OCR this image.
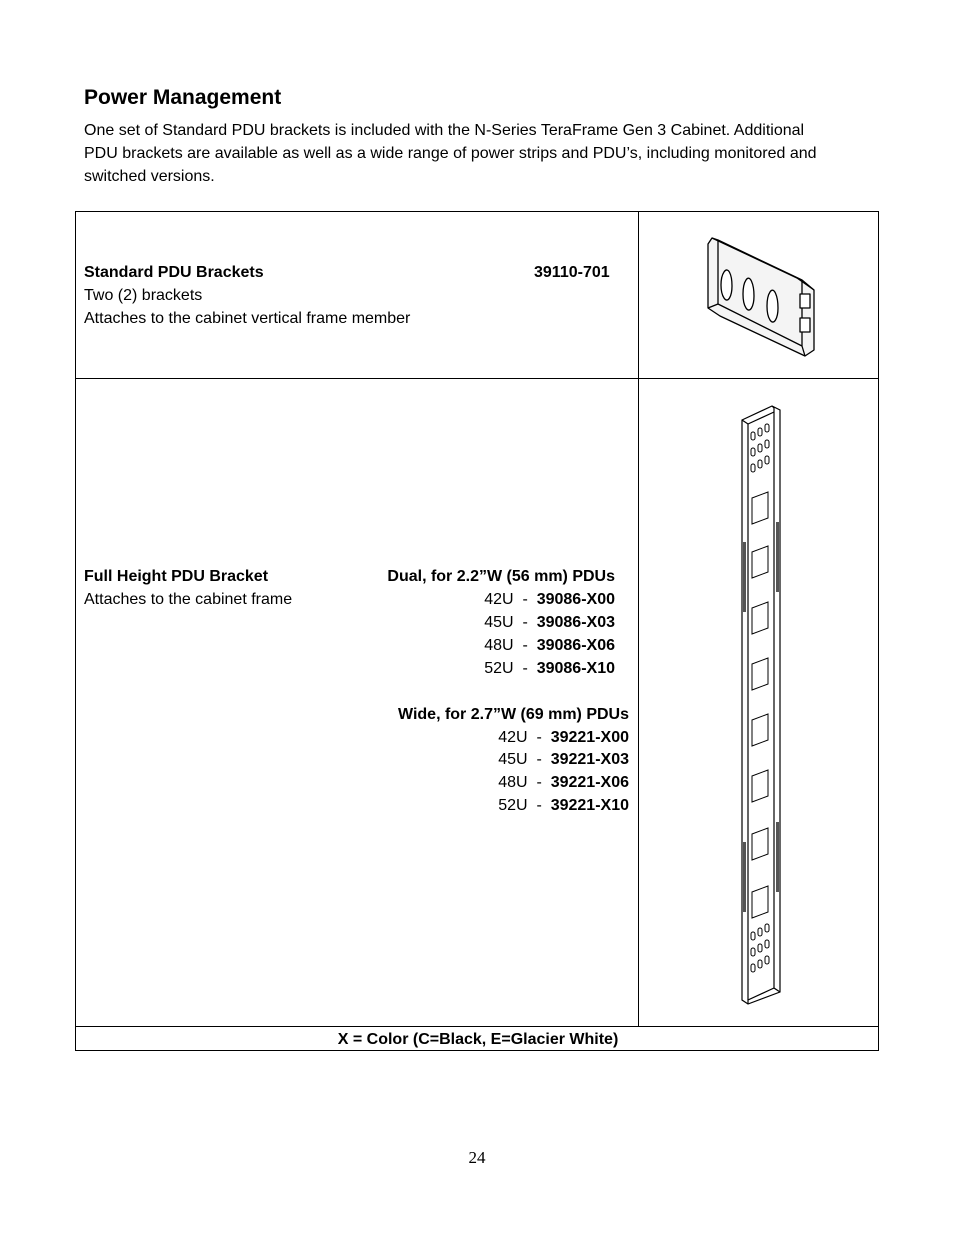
Power Management
One set of Standard PDU brackets is included with the N-Series TeraFrame Gen 3 Cabinet. Additional
PDU brackets are available as well as a wide range of power strips and PDU’s, including monitored and
switched versions.
Standard PDU Brackets	39110-701
Two (2) brackets
Attaches to the cabinet vertical frame member
Full Height PDU Bracket
Attaches to the cabinet frame
Dual, for 2.2”W (56 mm) PDUs
42U - 39086-X00
45U - 39086-X03
48U - 39086-X06
52U - 39086-X10
Wide, for 2.7”W (69 mm) PDUs
42U - 39221-X00
45U - 39221-X03
48U - 39221-X06
52U - 39221-X10
X = Color (C=Black, E=Glacier White)
24
